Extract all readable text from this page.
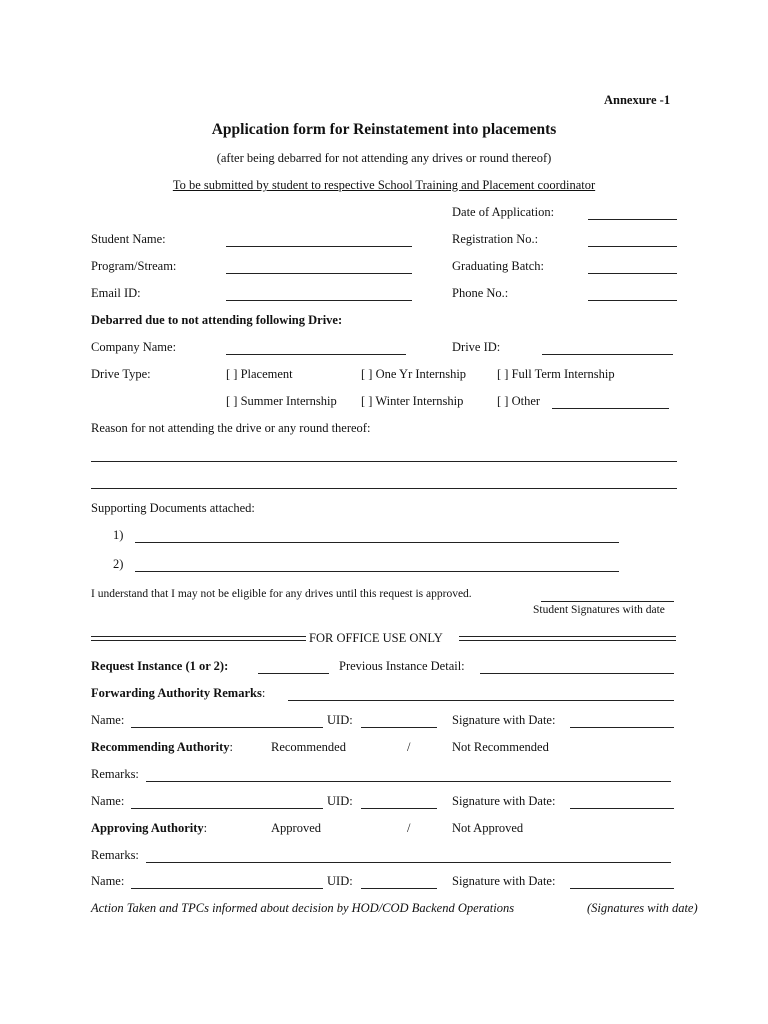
Annexure -1
Application form for Reinstatement into placements
(after being debarred for not attending any drives or round thereof)
To be submitted by student to respective School Training and Placement coordinator
Date of Application:
Student Name:	Registration No.:
Program/Stream:	Graduating Batch:
Email ID:	Phone No.:
Debarred due to not attending following Drive:
Company Name:	Drive ID:
Drive Type:	[ ] Placement	[ ] One Yr Internship [ ] Full Term Internship
[ ] Summer Internship [ ] Winter Internship	[ ] Other
Reason for not attending the drive or any round thereof:
Supporting Documents attached:
1)
2)
I understand that I may not be eligible for any drives until this request is approved.
Student Signatures with date
FOR OFFICE USE ONLY
Request Instance (1 or 2):	Previous Instance Detail:
Forwarding Authority Remarks:
Name:	UID:	Signature with Date:
Recommending Authority:	Recommended	/	Not Recommended
Remarks:
Name:	UID:	Signature with Date:
Approving Authority:	Approved	/	Not Approved
Remarks:
Name:	UID:	Signature with Date:
Action Taken and TPCs informed about decision by HOD/COD Backend Operations	(Signatures with date)
